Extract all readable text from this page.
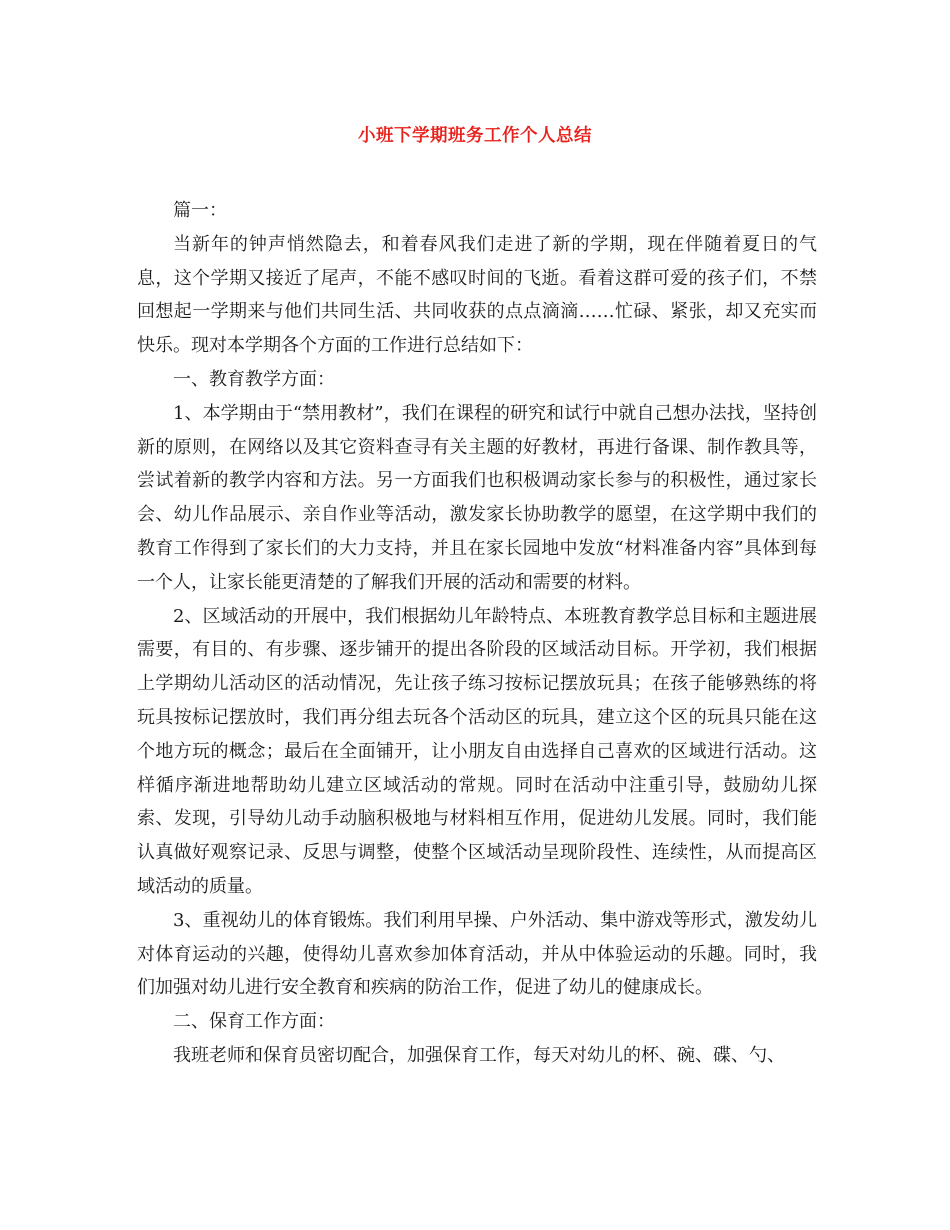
小班下学期班务工作个人总结

篇一：

当新年的钟声悄然隐去，和着春风我们走进了新的学期，现在伴随着夏日的气息，这个学期又接近了尾声，不能不感叹时间的飞逝。看着这群可爱的孩子们，不禁回想起一学期来与他们共同生活、共同收获的点点滴滴……忙碌、紧张，却又充实而快乐。现对本学期各个方面的工作进行总结如下：

一、教育教学方面：

1、本学期由于“禁用教材”，我们在课程的研究和试行中就自己想办法找，坚持创新的原则，在网络以及其它资料查寻有关主题的好教材，再进行备课、制作教具等，尝试着新的教学内容和方法。另一方面我们也积极调动家长参与的积极性，通过家长会、幼儿作品展示、亲自作业等活动，激发家长协助教学的愿望，在这学期中我们的教育工作得到了家长们的大力支持，并且在家长园地中发放“材料准备内容”具体到每一个人，让家长能更清楚的了解我们开展的活动和需要的材料。

2、区域活动的开展中，我们根据幼儿年龄特点、本班教育教学总目标和主题进展需要，有目的、有步骤、逐步铺开的提出各阶段的区域活动目标。开学初，我们根据上学期幼儿活动区的活动情况，先让孩子练习按标记摆放玩具；在孩子能够熟练的将玩具按标记摆放时，我们再分组去玩各个活动区的玩具，建立这个区的玩具只能在这个地方玩的概念；最后在全面铺开，让小朋友自由选择自己喜欢的区域进行活动。这样循序渐进地帮助幼儿建立区域活动的常规。同时在活动中注重引导，鼓励幼儿探索、发现，引导幼儿动手动脑积极地与材料相互作用，促进幼儿发展。同时，我们能认真做好观察记录、反思与调整，使整个区域活动呈现阶段性、连续性，从而提高区域活动的质量。

3、重视幼儿的体育锻炼。我们利用早操、户外活动、集中游戏等形式，激发幼儿对体育运动的兴趣，使得幼儿喜欢参加体育活动，并从中体验运动的乐趣。同时，我们加强对幼儿进行安全教育和疾病的防治工作，促进了幼儿的健康成长。

二、保育工作方面：

我班老师和保育员密切配合，加强保育工作，每天对幼儿的杯、碗、碟、勺、
